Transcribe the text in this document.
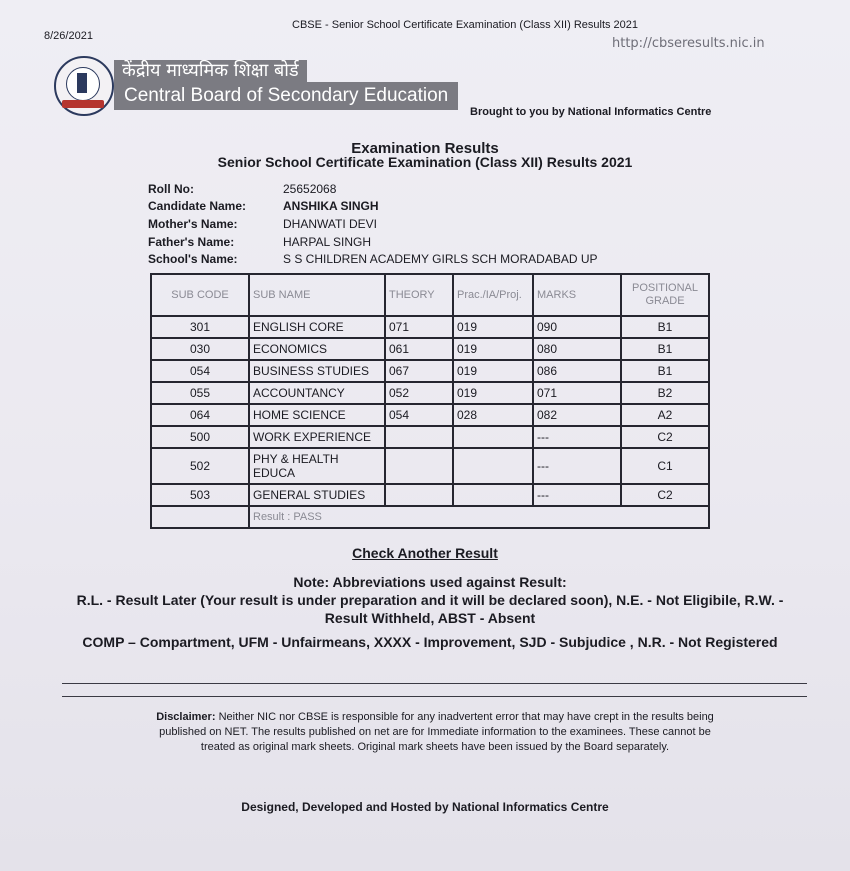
8/26/2021
CBSE - Senior School Certificate Examination (Class XII) Results 2021
http://cbseresults.nic.in
केंद्रीय माध्यमिक शिक्षा बोर्ड
Central Board of Secondary Education
Brought to you by National Informatics Centre
Examination Results
Senior School Certificate Examination (Class XII) Results 2021
Roll No:	25652068
Candidate Name:	ANSHIKA SINGH
Mother's Name:	DHANWATI DEVI
Father's Name:	HARPAL SINGH
School's Name:	S S CHILDREN ACADEMY GIRLS SCH MORADABAD UP
SUB CODE	SUB NAME	THEORY	Prac./IA/Proj.	MARKS	POSITIONAL GRADE
301	ENGLISH CORE	071	019	090	B1
030	ECONOMICS	061	019	080	B1
054	BUSINESS STUDIES	067	019	086	B1
055	ACCOUNTANCY	052	019	071	B2
064	HOME SCIENCE	054	028	082	A2
500	WORK EXPERIENCE			---	C2
502	PHY & HEALTH EDUCA			---	C1
503	GENERAL STUDIES			---	C2
	Result : PASS				
Check Another Result
Note: Abbreviations used against Result:
R.L. - Result Later (Your result is under preparation and it will be declared soon), N.E. - Not Eligibile, R.W. - Result Withheld, ABST - Absent
COMP – Compartment, UFM - Unfairmeans, XXXX - Improvement, SJD - Subjudice , N.R. - Not Registered
Disclaimer: Neither NIC nor CBSE is responsible for any inadvertent error that may have crept in the results being published on NET. The results published on net are for Immediate information to the examinees. These cannot be treated as original mark sheets. Original mark sheets have been issued by the Board separately.
Designed, Developed and Hosted by National Informatics Centre
